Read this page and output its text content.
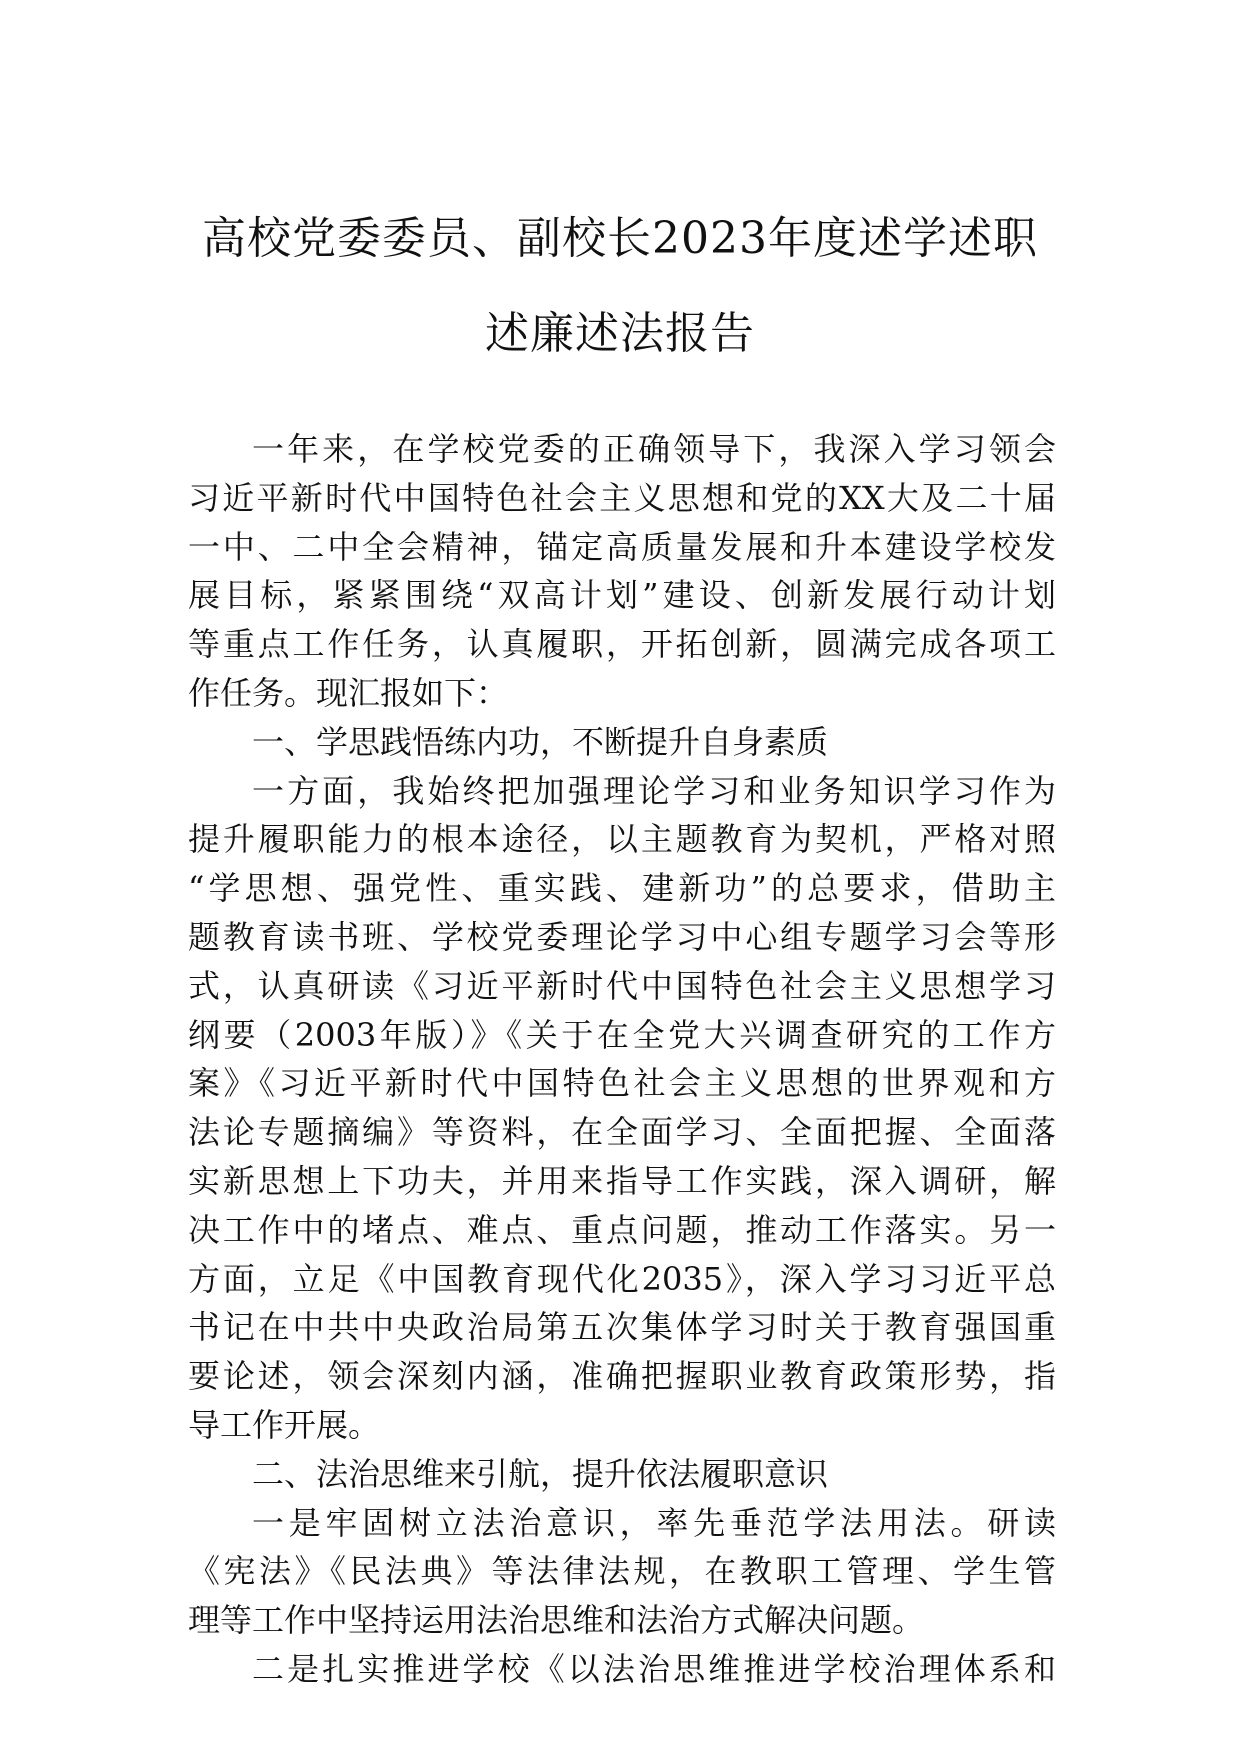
高校党委委员、副校长2023年度述学述职
述廉述法报告
一年来，在学校党委的正确领导下，我深入学习领会
习近平新时代中国特色社会主义思想和党的XX大及二十届
一中、二中全会精神，锚定高质量发展和升本建设学校发
展目标，紧紧围绕“双高计划”建设、创新发展行动计划
等重点工作任务，认真履职，开拓创新，圆满完成各项工
作任务。现汇报如下：
一、学思践悟练内功，不断提升自身素质
一方面，我始终把加强理论学习和业务知识学习作为
提升履职能力的根本途径，以主题教育为契机，严格对照
“学思想、强党性、重实践、建新功”的总要求，借助主
题教育读书班、学校党委理论学习中心组专题学习会等形
式，认真研读《习近平新时代中国特色社会主义思想学习
纲要（2003年版）》《关于在全党大兴调查研究的工作方
案》《习近平新时代中国特色社会主义思想的世界观和方
法论专题摘编》等资料，在全面学习、全面把握、全面落
实新思想上下功夫，并用来指导工作实践，深入调研，解
决工作中的堵点、难点、重点问题，推动工作落实。另一
方面，立足《中国教育现代化2035》，深入学习习近平总
书记在中共中央政治局第五次集体学习时关于教育强国重
要论述，领会深刻内涵，准确把握职业教育政策形势，指
导工作开展。
二、法治思维来引航，提升依法履职意识
一是牢固树立法治意识，率先垂范学法用法。研读
《宪法》《民法典》等法律法规，在教职工管理、学生管
理等工作中坚持运用法治思维和法治方式解决问题。
二是扎实推进学校《以法治思维推进学校治理体系和
